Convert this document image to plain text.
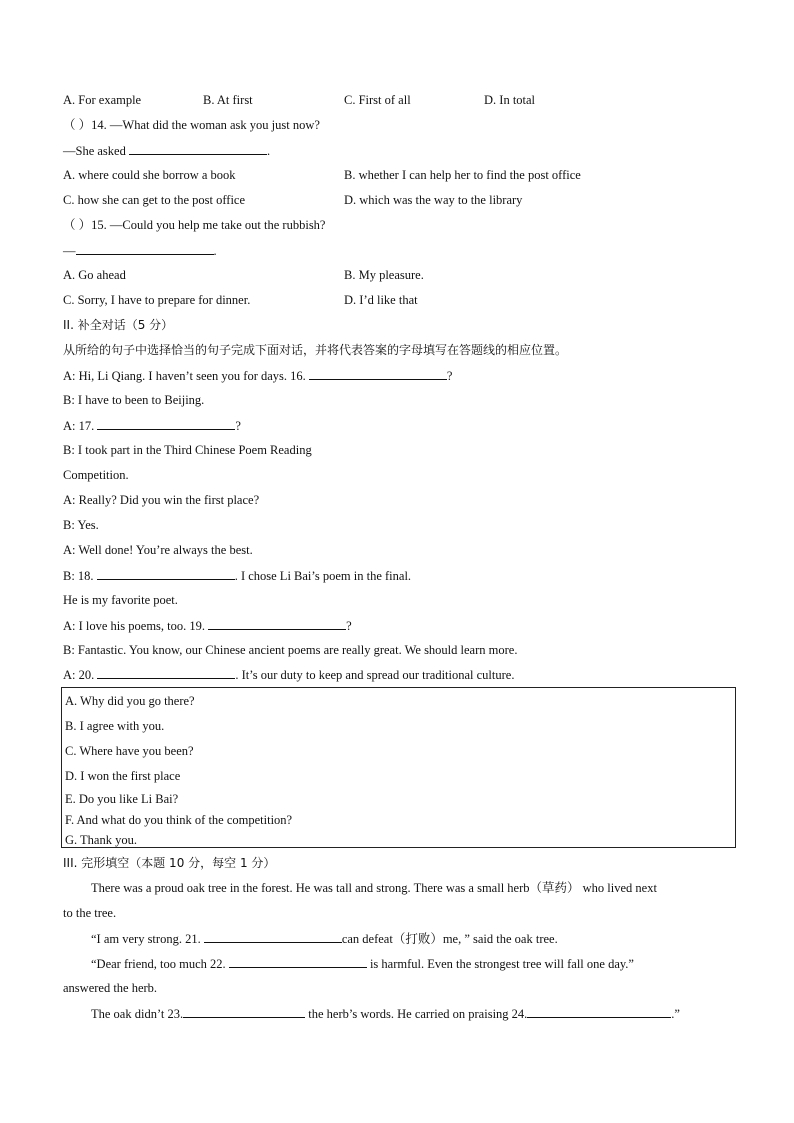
A. For example	B. At first	C. First of all	D. In total
（ ）14. —What did the woman ask you just now?
—She asked	.
A. where could she borrow a book	B. whether I can help her to find the post office
C. how she can get to the post office	D. which was the way to the library
（ ）15. —Could you help me take out the rubbish?
—	.
A. Go ahead	B. My pleasure.
C. Sorry, I have to prepare for dinner.	D. I’d like that
II. 补全对话（5 分）
从所给的句子中选择恰当的句子完成下面对话，并将代表答案的字母填写在答题线的相应位置。
A: Hi, Li Qiang. I haven’t seen you for days. 16.	?
B: I have to been to Beijing.
A: 17.	?
B: I took part in the Third Chinese Poem Reading
Competition.
A: Really? Did you win the first place?
B: Yes.
A: Well done! You’re always the best.
B: 18.	. I chose Li Bai’s poem in the final.
He is my favorite poet.
A: I love his poems, too. 19.	?
B: Fantastic. You know, our Chinese ancient poems are really great. We should learn more.
A: 20.	. It’s our duty to keep and spread our traditional culture.
A. Why did you go there?
B. I agree with you.
C. Where have you been?
D. I won the first place
E. Do you like Li Bai?
F. And what do you think of the competition?
G. Thank you.
III. 完形填空（本题 10 分，每空 1 分）
There was a proud oak tree in the forest. He was tall and strong. There was a small herb（草药） who lived next
to the tree.
“I am very strong. 21.	can defeat（打败）me, ” said the oak tree.
“Dear friend, too much 22.	is harmful. Even the strongest tree will fall one day.”
answered the herb.
The oak didn’t 23.	the herb’s words. He carried on praising 24.	.”
